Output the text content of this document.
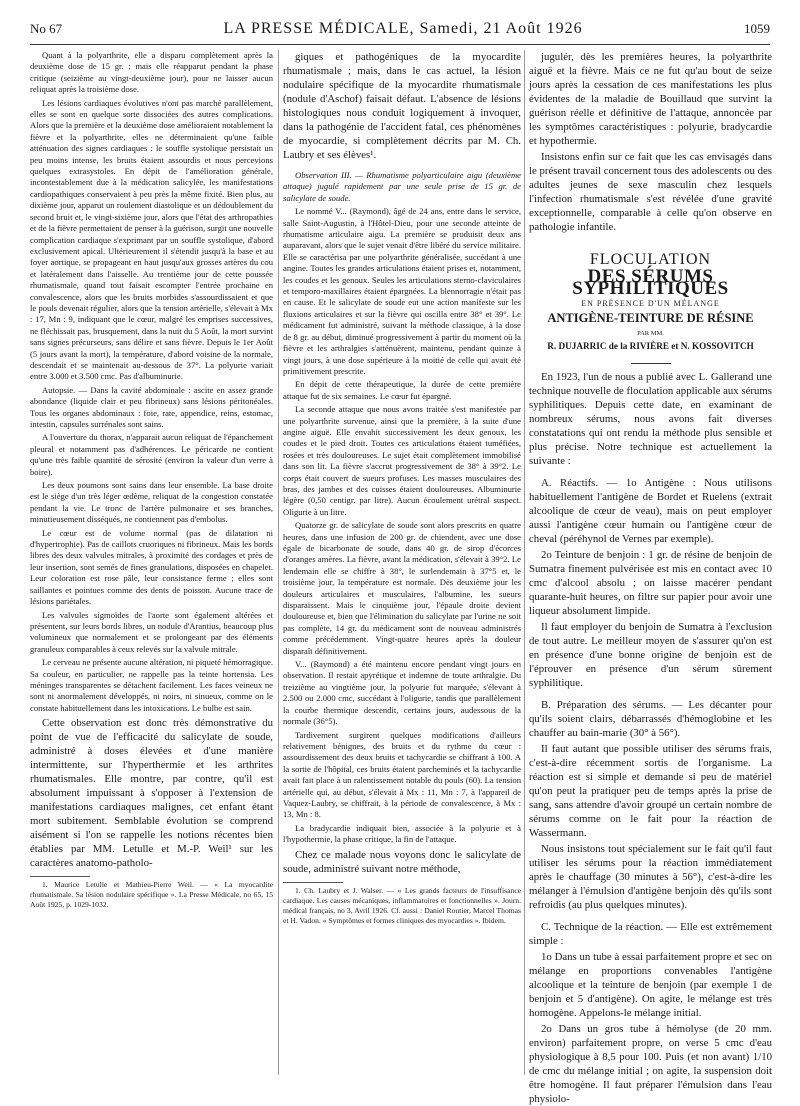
No 67	LA PRESSE MÉDICALE, Samedi, 21 Août 1926	1059

Quant à la polyarthrite, elle a disparu complètement après la deuxième dose de 15 gr. ; mais elle réapparut pendant la phase critique (seizième au vingt-deuxième jour), pour ne laisser aucun reliquat après la troisième dose.

Les lésions cardiaques évolutives n'ont pas marché parallèlement, elles se sont en quelque sorte dissociées des autres complications. Alors que la première et la deuxième dose amélioraient notablement la fièvre et la polyarthrite, elles ne déterminaient qu'une faible atténuation des signes cardiaques : le souffle systolique persistait un peu moins intense, les bruits étaient assourdis et nous percevions quelques extrasystoles. En dépit de l'amélioration générale, incontestablement due à la médication salicylée, les manifestations cardiopathiques conservaient à peu près la même fixité. Bien plus, au dixième jour, apparut un roulement diastolique et un dédoublement du second bruit et, le vingt-sixième jour, alors que l'état des arthropathies et de la fièvre permettaient de penser à la guérison, surgit une nouvelle complication cardiaque s'exprimant par un souffle systolique, d'abord exclusivement apical. Ultérieurement il s'étendit jusqu'à la base et au foyer aortique, se propageant en haut jusqu'aux grosses artères du cou et latéralement dans l'aisselle. Au trentième jour de cette poussée rhumatismale, quand tout faisait escompter l'entrée prochaine en convalescence, alors que les bruits morbides s'assourdissaient et que le pouls devenait régulier, alors que la tension artérielle, s'élevait à Mx : 17, Mn : 9, indiquant que le cœur, malgré les emprises successives, ne fléchissait pas, brusquement, dans la nuit du 5 Août, la mort survint sans signes précurseurs, sans délire et sans fièvre. Depuis le 1er Août (5 jours avant la mort), la température, d'abord voisine de la normale, descendait et se maintenait au-dessous de 37°. La polyurie variait entre 3.000 et 3.500 cmc. Pas d'albuminurie.

Autopsie. — Dans la cavité abdominale : ascite en assez grande abondance (liquide clair et peu fibrineux) sans lésions péritonéales. Tous les organes abdominaux : foie, rate, appendice, reins, estomac, intestin, capsules surrénales sont sains.

A l'ouverture du thorax, n'apparait aucun reliquat de l'épanchement pleural et notamment pas d'adhérences. Le péricarde ne contient qu'une très faible quantité de sérosité (environ la valeur d'un verre à boire).

Les deux poumons sont sains dans leur ensemble. La base droite est le siège d'un très léger œdème, reliquat de la congestion constatée pendant la vie. Le tronc de l'artère pulmonaire et ses branches, minutieusement disséqués, ne contiennent pas d'embolus.

Le cœur est de volume normal (pas de dilatation ni d'hypertrophie). Pas de caillots cruoriques ni fibrineux. Mais les bords libres des deux valvules mitrales, à proximité des cordages et près de leur insertion, sont semés de fines granulations, disposées en chapelet. Leur coloration est rose pâle, leur consistance ferme ; elles sont saillantes et pointues comme des dents de poisson. Aucune trace de lésions pariétales.

Les valvules sigmoïdes de l'aorte sont également altérées et présentent, sur leurs bords libres, un nodule d'Arantius, beaucoup plus volumineux que normalement et se prolongeant par des éléments granuleux comparables à ceux relevés sur la valvule mitrale.

Le cerveau ne présente aucune altération, ni piqueté hémorragique. Sa couleur, en particulier, ne rappelle pas la teinte hortensia. Les méninges transparentes se détachent facilement. Les faces veineux ne sont ni anormalement développés, ni noirs, ni sinueux, comme on le constate habituellement dans les intoxications. Le bulbe est sain.

Cette observation est donc très démonstrative du point de vue de l'efficacité du salicylate de soude, administré à doses élevées et d'une manière intermittente, sur l'hyperthermie et les arthrites rhumatismales. Elle montre, par contre, qu'il est absolument impuissant à s'opposer à l'extension de manifestations cardiaques malignes, cet enfant étant mort subitement. Semblable évolution se comprend aisément si l'on se rappelle les notions récentes bien établies par MM. Letulle et M.-P. Weil¹ sur les caractères anatomo-patholo-

1. Maurice Letulle et Mathieu-Pierre Weil. — « La myocardite rhumatismale. Sa lésion nodulaire spécifique ». La Presse Médicale, no 65, 15 Août 1925, p. 1029-1032.

giques et pathogéniques de la myocardite rhumatismale ; mais, dans le cas actuel, la lésion nodulaire spécifique de la myocardite rhumatismale (nodule d'Aschof) faisait défaut. L'absence de lésions histologiques nous conduit logiquement à invoquer, dans la pathogénie de l'accident fatal, ces phénomènes de myocardie, si complètement décrits par M. Ch. Laubry et ses élèves¹.

Observation III. — Rhumatisme polyarticulaire aigu (deuxième attaque) jugulé rapidement par une seule prise de 15 gr. de salicylate de soude.

Le nommé V... (Raymond), âgé de 24 ans, entre dans le service, salle Saint-Augustin, à l'Hôtel-Dieu, pour une seconde atteinte de rhumatisme articulaire aigu. La première se produisit deux ans auparavant, alors que le sujet venait d'être libéré du service militaire. Elle se caractérisa par une polyarthrite généralisée, succédant à une angine. Toutes les grandes articulations étaient prises et, notamment, les coudes et les genoux. Seules les articulations sterno-claviculaires et temporo-maxillaires étaient épargnées. La blennorragie n'était pas en cause. Et le salicylate de soude eut une action manifeste sur les fluxions articulaires et sur la fièvre qui oscilla entre 38° et 39°. Le médicament fut administré, suivant la méthode classique, à la dose de 8 gr. au début, diminué progressivement à partir du moment où la fièvre et les arthralgies s'atténuèrent, maintenu, pendant quinze à vingt jours, à une dose supérieure à la moitié de celle qui avait été primitivement prescrite.

En dépit de cette thérapeutique, la durée de cette première attaque fut de six semaines. Le cœur fut épargné.

La seconde attaque que nous avons traitée s'est manifestée par une polyarthrite survenue, ainsi que la première, à la suite d'une angine aiguë. Elle envahit successivement les deux genoux, les coudes et le pied droit. Toutes ces articulations étaient tuméfiées, rosées et très douloureuses. Le sujet était complètement immobilisé dans son lit. La fièvre s'accrut progressivement de 38° à 39°2. Le corps était couvert de sueurs profuses. Les masses musculaires des bras, des jambes et des cuisses étaient douloureuses. Albuminurie légère (0,50 centigr. par litre). Aucun écoulement urétral suspect. Oligurie à un litre.

Quatorze gr. de salicylate de soude sont alors prescrits en quatre heures, dans une infusion de 200 gr. de chiendent, avec une dose égale de bicarbonate de soude, dans 40 gr. de sirop d'écorces d'oranges amères. La fièvre, avant la médication, s'élevait à 39°2. Le lendemain elle se chiffre à 38°, le surlendemain à 37°5 et, le troisième jour, la température est normale. Dès deuxième jour les douleurs articulaires et musculaires, l'albumine, les sueurs disparaissent. Mais le cinquième jour, l'épaule droite devient douloureuse et, bien que l'élimination du salicylate par l'urine ne soit pas complète, 14 gr. du médicament sont de nouveau administrés comme précédemment. Vingt-quatre heures après la douleur disparaît définitivement.

V... (Raymond) a été maintenu encore pendant vingt jours en observation. Il restait apyrétique et indemne de toute arthralgie. Du treizième au vingtième jour, la polyurie fut marquée, s'élevant à 2.500 ou 2.000 cmc, succédant à l'oligurie, tandis que parallèlement la courbe thermique descendit, certains jours, audessous de la normale (36°5).

Tardivement surgirent quelques modifications d'ailleurs relativement bénignes, des bruits et du rythme du cœur : assourdissement des deux bruits et tachycardie se chiffrant à 100. A la sortie de l'hôpital, ces bruits étaient parcheminés et la tachycardie avait fait place à un ralentissement notable du pouls (60). La tension artérielle qui, au début, s'élevait à Mx : 11, Mn : 7, à l'appareil de Vaquez-Laubry, se chiffrait, à la période de convalescence, à Mx : 13, Mn : 8.

La bradycardie indiquait bien, associée à la polyurie et à l'hypothermie, la phase critique, la fin de l'attaque.

Chez ce malade nous voyons donc le salicylate de soude, administré suivant notre méthode,

1. Ch. Laubry et J. Walser. — « Les grands facteurs de l'insuffisance cardiaque. Les causes mécaniques, inflammatoires et fonctionnelles ». Journ. médical français, no 3, Avril 1926. Cf. aussi : Daniel Routier, Marcel Thomas et H. Vadon. « Symptômes et formes cliniques des myocardies ». Ibidem.

jugulér, dès les premières heures, la polyarthrite aiguë et la fièvre. Mais ce ne fut qu'au bout de seize jours après la cessation de ces manifestations les plus évidentes de la maladie de Bouillaud que survint la guérison réelle et définitive de l'attaque, annoncée par les symptômes caractéristiques : polyurie, bradycardie et hypothermie.

Insistons enfin sur ce fait que les cas envisagés dans le présent travail concernent tous des adolescents ou des adultes jeunes de sexe masculin chez lesquels l'infection rhumatismale s'est révélée d'une gravité exceptionnelle, comparable à celle qu'on observe en pathologie infantile.

FLOCULATION
DES SÉRUMS SYPHILITIQUES
EN PRÉSENCE D'UN MÉLANGE
ANTIGÈNE-TEINTURE DE RÉSINE
PAR MM.
R. DUJARRIC de la RIVIÈRE et N. KOSSOVITCH

En 1923, l'un de nous a publié avec L. Gallerand une technique nouvelle de floculation applicable aux sérums syphilitiques. Depuis cette date, en examinant de nombreux sérums, nous avons fait diverses constatations qui ont rendu la méthode plus sensible et plus précise. Notre technique est actuellement la suivante :

A. Réactifs. — 1o Antigène : Nous utilisons habituellement l'antigène de Bordet et Ruelens (extrait alcoolique de cœur de veau), mais on peut employer aussi l'antigène cœur humain ou l'antigène cœur de cheval (péréhynol de Vernes par exemple).

2o Teinture de benjoin : 1 gr. de résine de benjoin de Sumatra finement pulvérisée est mis en contact avec 10 cmc d'alcool absolu ; on laisse macérer pendant quarante-huit heures, on filtre sur papier pour avoir une liqueur absolument limpide.

Il faut employer du benjoin de Sumatra à l'exclusion de tout autre. Le meilleur moyen de s'assurer qu'on est en présence d'une bonne origine de benjoin est de l'éprouver en présence d'un sérum sûrement syphilitique.

B. Préparation des sérums. — Les décanter pour qu'ils soient clairs, débarrassés d'hémoglobine et les chauffer au bain-marie (30° à 56°).

Il faut autant que possible utiliser des sérums frais, c'est-à-dire récemment sortis de l'organisme. La réaction est si simple et demande si peu de matériel qu'on peut la pratiquer peu de temps après la prise de sang, sans attendre d'avoir groupé un certain nombre de sérums comme on le fait pour la réaction de Wassermann.

Nous insistons tout spécialement sur le fait qu'il faut utiliser les sérums pour la réaction immédiatement après le chauffage (30 minutes à 56°), c'est-à-dire les mélanger à l'émulsion d'antigène benjoin dès qu'ils sont refroidis (au plus quelques minutes).

C. Technique de la réaction. — Elle est extrêmement simple :

1o Dans un tube à essai parfaitement propre et sec on mélange en proportions convenables l'antigène alcoolique et la teinture de benjoin (par exemple 1 de benjoin et 5 d'antigène). On agite, le mélange est très homogène. Appelons-le mélange initial.

2o Dans un gros tube à hémolyse (de 20 mm. environ) parfaitement propre, on verse 5 cmc d'eau physiologique à 8,5 pour 100. Puis (et non avant) 1/10 de cmc du mélange initial ; on agite, la suspension doit être homogène. Il faut préparer l'émulsion dans l'eau physiolo-
